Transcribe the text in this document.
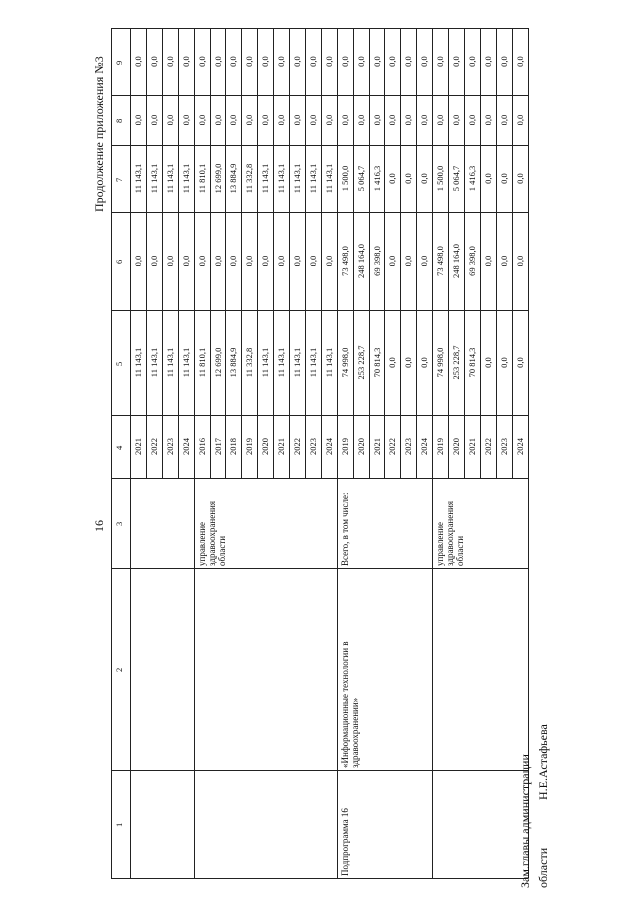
16
Продолжение приложения №3
1
2
3
4
5
6
7
8
9
2021
11 143,1
0,0
11 143,1
0,0
0,0
2022
11 143,1
0,0
11 143,1
0,0
0,0
2023
11 143,1
0,0
11 143,1
0,0
0,0
2024
11 143,1
0,0
11 143,1
0,0
0,0
2016
11 810,1
0,0
11 810,1
0,0
0,0
2017
12 699,0
0,0
12 699,0
0,0
0,0
2018
13 884,9
0,0
13 884,9
0,0
0,0
2019
11 332,8
0,0
11 332,8
0,0
0,0
2020
11 143,1
0,0
11 143,1
0,0
0,0
2021
11 143,1
0,0
11 143,1
0,0
0,0
2022
11 143,1
0,0
11 143,1
0,0
0,0
2023
11 143,1
0,0
11 143,1
0,0
0,0
2024
11 143,1
0,0
11 143,1
0,0
0,0
2019
74 998,0
73 498,0
1 500,0
0,0
0,0
2020
253 228,7
248 164,0
5 064,7
0,0
0,0
2021
70 814,3
69 398,0
1 416,3
0,0
0,0
2022
0,0
0,0
0,0
0,0
0,0
2023
0,0
0,0
0,0
0,0
0,0
2024
0,0
0,0
0,0
0,0
0,0
2019
74 998,0
73 498,0
1 500,0
0,0
0,0
2020
253 228,7
248 164,0
5 064,7
0,0
0,0
2021
70 814,3
69 398,0
1 416,3
0,0
0,0
2022
0,0
0,0
0,0
0,0
0,0
2023
0,0
0,0
0,0
0,0
0,0
2024
0,0
0,0
0,0
0,0
0,0
управление здравоохранения области
Подпрограмма 16
«Информационные технологии в здравоохранении»
Всего, в том числе:	управление здравоохранения области
Зам.главы администрации области
Н.Е.Астафьева
